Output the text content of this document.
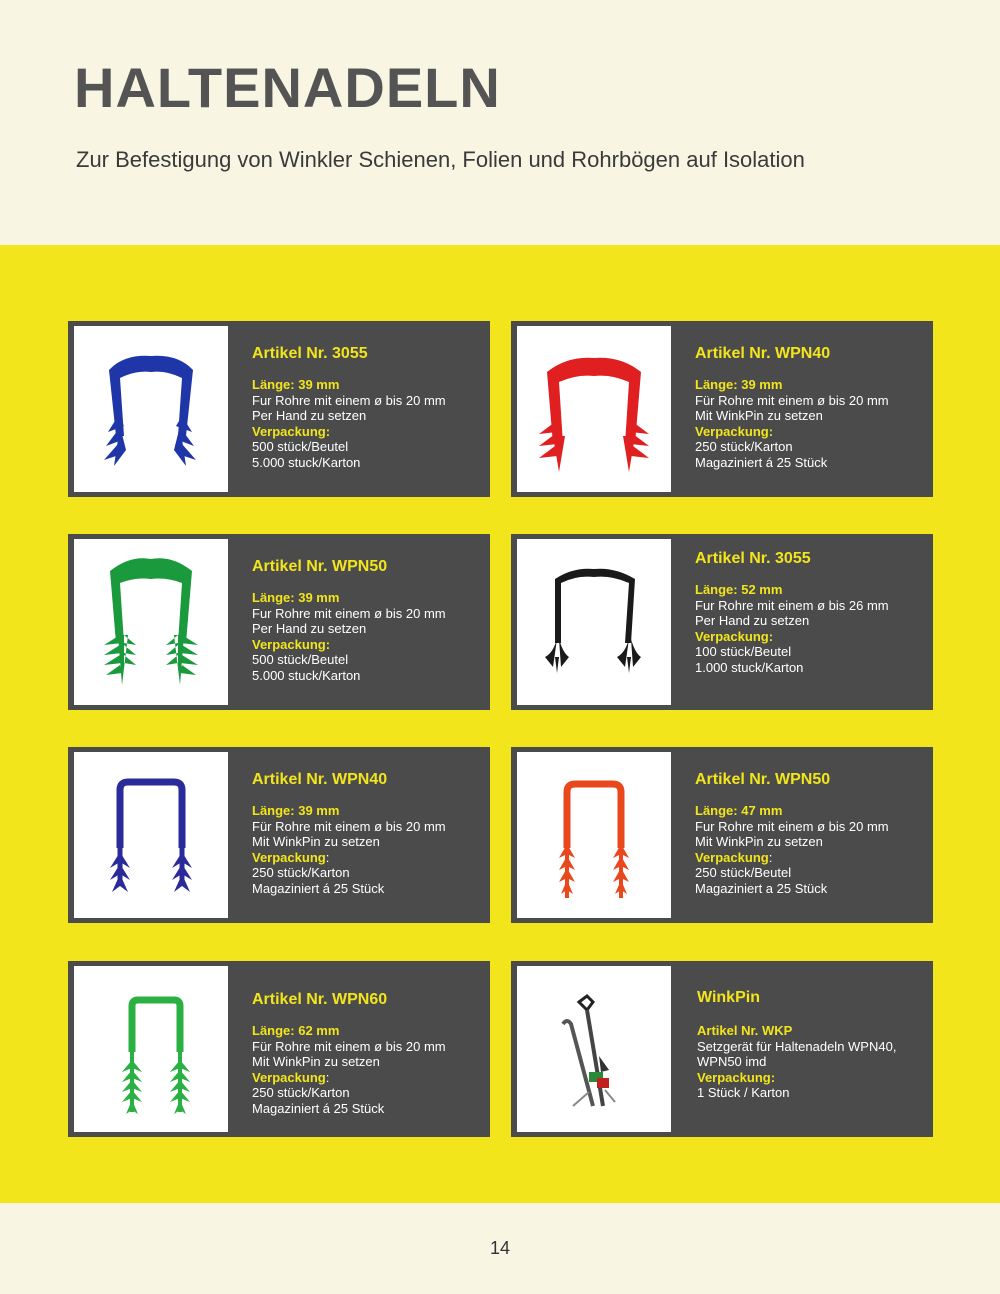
HALTENADELN
Zur Befestigung von Winkler Schienen, Folien und Rohrbögen auf Isolation
Artikel Nr. 3055
Länge: 39 mm
Fur Rohre mit einem ø bis 20 mm
Per Hand zu setzen
Verpackung:
500 stück/Beutel
5.000 stuck/Karton
Artikel Nr. WPN40
Länge: 39 mm
Für Rohre mit einem ø bis 20 mm
Mit WinkPin zu setzen
Verpackung:
250 stück/Karton
Magaziniert á 25 Stück
Artikel Nr. WPN50
Länge: 39 mm
Fur Rohre mit einem ø bis 20 mm
Per Hand zu setzen
Verpackung:
500 stück/Beutel
5.000 stuck/Karton
Artikel Nr. 3055
Länge: 52 mm
Fur Rohre mit einem ø bis 26 mm
Per Hand zu setzen
Verpackung:
100 stück/Beutel
1.000 stuck/Karton
Artikel Nr. WPN40
Länge: 39 mm
Für Rohre mit einem ø bis 20 mm
Mit WinkPin zu setzen
Verpackung:
250 stück/Karton
Magaziniert á 25 Stück
Artikel Nr. WPN50
Länge: 47 mm
Fur Rohre mit einem ø bis 20 mm
Mit WinkPin zu setzen
Verpackung:
250 stück/Beutel
Magaziniert a 25 Stück
Artikel Nr. WPN60
Länge: 62 mm
Für Rohre mit einem ø bis 20 mm
Mit WinkPin zu setzen
Verpackung:
250 stück/Karton
Magaziniert á 25 Stück
WinkPin
Artikel Nr. WKP
Setzgerät für Haltenadeln WPN40, WPN50 imd
Verpackung:
1 Stück / Karton
14
